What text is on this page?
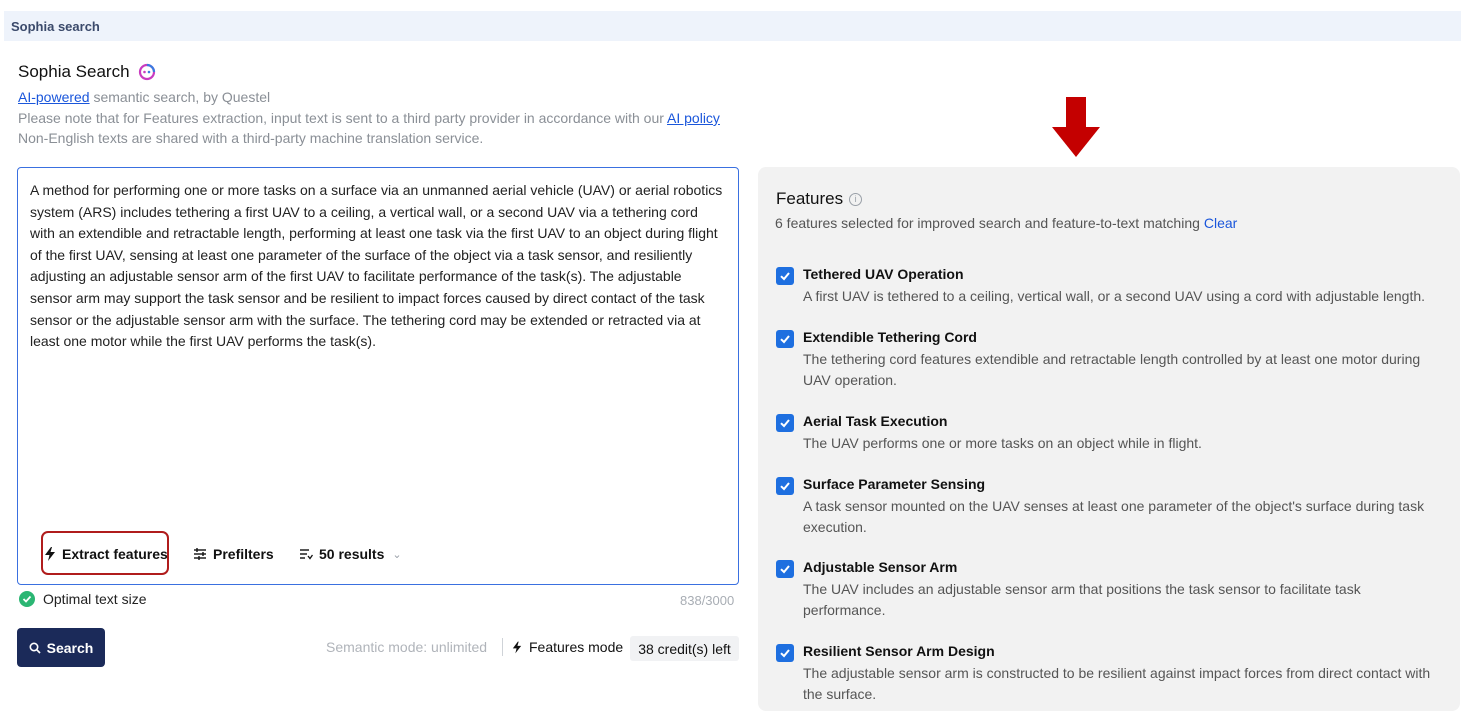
Sophia search
Sophia Search
AI-powered semantic search, by Questel
Please note that for Features extraction, input text is sent to a third party provider in accordance with our AI policy
Non-English texts are shared with a third-party machine translation service.
A method for performing one or more tasks on a surface via an unmanned aerial vehicle (UAV) or aerial robotics system (ARS) includes tethering a first UAV to a ceiling, a vertical wall, or a second UAV via a tethering cord with an extendible and retractable length, performing at least one task via the first UAV to an object during flight of the first UAV, sensing at least one parameter of the surface of the object via a task sensor, and resiliently adjusting an adjustable sensor arm of the first UAV to facilitate performance of the task(s). The adjustable sensor arm may support the task sensor and be resilient to impact forces caused by direct contact of the task sensor or the adjustable sensor arm with the surface. The tethering cord may be extended or retracted via at least one motor while the first UAV performs the task(s).
Extract features	Prefilters	50 results ⌄
Optimal text size	838/3000
Search	Semantic mode: unlimited	Features mode	38 credit(s) left
Features	i
6 features selected for improved search and feature-to-text matching Clear
Tethered UAV Operation
A first UAV is tethered to a ceiling, vertical wall, or a second UAV using a cord with adjustable length.
Extendible Tethering Cord
The tethering cord features extendible and retractable length controlled by at least one motor during UAV operation.
Aerial Task Execution
The UAV performs one or more tasks on an object while in flight.
Surface Parameter Sensing
A task sensor mounted on the UAV senses at least one parameter of the object's surface during task execution.
Adjustable Sensor Arm
The UAV includes an adjustable sensor arm that positions the task sensor to facilitate task performance.
Resilient Sensor Arm Design
The adjustable sensor arm is constructed to be resilient against impact forces from direct contact with the surface.
